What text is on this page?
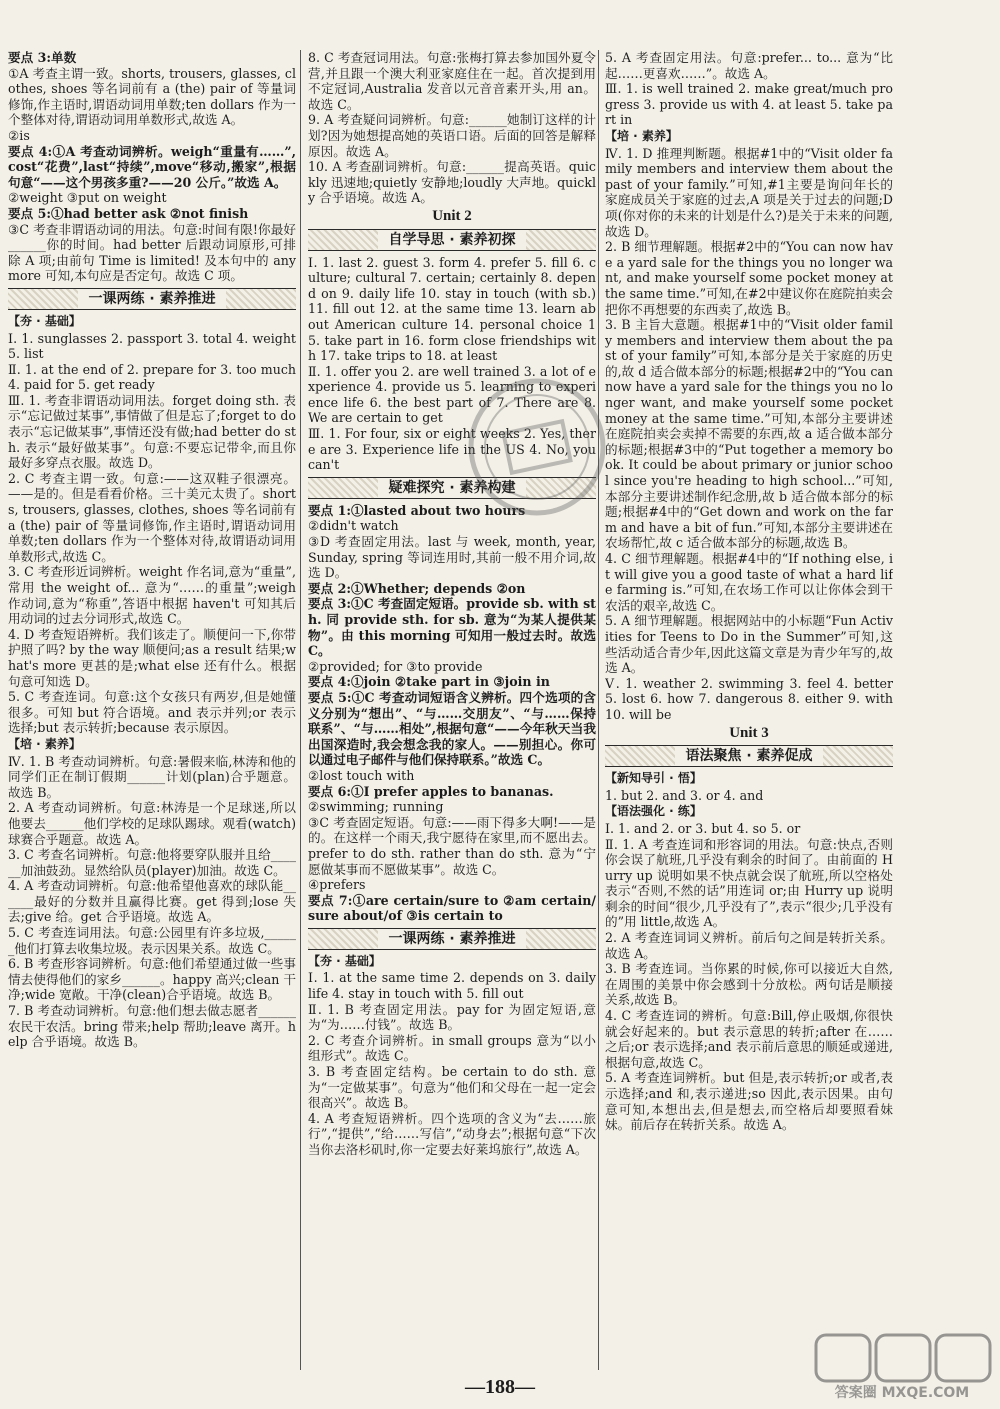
要点 3:单数

①A 考查主谓一致。shorts, trousers, glasses, clothes, shoes 等名词前有 a (the) pair of 等量词修饰,作主语时,谓语动词用单数;ten dollars 作为一个整体对待,谓语动词用单数形式,故选 A。

②is

要点 4:①A 考查动词辨析。weigh“重量有……”,cost“花费”,last“持续”,move“移动,搬家”,根据句意“——这个男孩多重?——20 公斤。”故选 A。

②weight ③put on weight

要点 5:①had better ask ②not finish

③C 考查非谓语动词的用法。句意:时间有限!你最好______你的时间。had better 后跟动词原形,可排除 A 项;由前句 Time is limited! 及本句中的 any more 可知,本句应是否定句。故选 C 项。

一课两练 · 素养推进
【夯 · 基础】

Ⅰ. 1. sunglasses 2. passport 3. total 4. weight 5. list

Ⅱ. 1. at the end of 2. prepare for 3. too much 4. paid for 5. get ready

Ⅲ. 1. 考查非谓语动词用法。forget doing sth. 表示“忘记做过某事”,事情做了但是忘了;forget to do 表示“忘记做某事”,事情还没有做;had better do sth. 表示“最好做某事”。句意:不要忘记带伞,而且你最好多穿点衣服。故选 D。

2. C 考查主谓一致。句意:——这双鞋子很漂亮。——是的。但是看看价格。三十美元太贵了。shorts, trousers, glasses, clothes, shoes 等名词前有 a (the) pair of 等量词修饰,作主语时,谓语动词用单数;ten dollars 作为一个整体对待,故谓语动词用单数形式,故选 C。

3. C 考查形近词辨析。weight 作名词,意为“重量”,常用 the weight of... 意为“……的重量”;weigh 作动词,意为“称重”,答语中根据 haven't 可知其后用动词的过去分词形式,故选 C。

4. D 考查短语辨析。我们该走了。顺便问一下,你带护照了吗? by the way 顺便问;as a result 结果;what's more 更甚的是;what else 还有什么。根据句意可知选 D。

5. C 考查连词。句意:这个女孩只有两岁,但是她懂很多。可知 but 符合语境。and 表示并列;or 表示选择;but 表示转折;because 表示原因。

【培 · 素养】

Ⅳ. 1. B 考查动词辨析。句意:暑假来临,林涛和他的同学们正在制订假期______计划(plan)合乎题意。故选 B。

2. A 考查动词辨析。句意:林涛是一个足球迷,所以他要去______他们学校的足球队踢球。观看(watch)球赛合乎题意。故选 A。

3. C 考查名词辨析。句意:他将要穿队服并且给______加油鼓劲。显然给队员(player)加油。故选 C。

4. A 考查动词辨析。句意:他希望他喜欢的球队能______最好的分数并且赢得比赛。get 得到;lose 失去;give 给。get 合乎语境。故选 A。

5. C 考查连词用法。句意:公园里有许多垃圾,______他们打算去收集垃圾。表示因果关系。故选 C。

6. B 考查形容词辨析。句意:他们希望通过做一些事情去使得他们的家乡______。happy 高兴;clean 干净;wide 宽敞。干净(clean)合乎语境。故选 B。

7. B 考查动词辨析。句意:他们想去做志愿者______农民干农活。bring 带来;help 帮助;leave 离开。help 合乎语境。故选 B。

8. C 考查冠词用法。句意:张梅打算去参加国外夏令营,并且跟一个澳大利亚家庭住在一起。首次提到用不定冠词,Australia 发音以元音音素开头,用 an。故选 C。

9. A 考查疑问词辨析。句意:______她制订这样的计划?因为她想提高她的英语口语。后面的回答是解释原因。故选 A。

10. A 考查副词辨析。句意:______提高英语。quickly 迅速地;quietly 安静地;loudly 大声地。quickly 合乎语境。故选 A。

Unit 2
自学导思 · 素养初探

Ⅰ. 1. last 2. guest 3. form 4. prefer 5. fill 6. culture; cultural 7. certain; certainly 8. depend on 9. daily life 10. stay in touch (with sb.) 11. fill out 12. at the same time 13. learn about American culture 14. personal choice 15. take part in 16. form close friendships with 17. take trips to 18. at least

Ⅱ. 1. offer you 2. are well trained 3. a lot of experience 4. provide us 5. learning to experience life 6. the best part of 7. There are 8. We are certain to get

Ⅲ. 1. For four, six or eight weeks 2. Yes, there are 3. Experience life in the US 4. No, you can't

疑难探究 · 素养构建

要点 1:①lasted about two hours

②didn't watch

③D 考查固定用法。last 与 week, month, year, Sunday, spring 等词连用时,其前一般不用介词,故选 D。

要点 2:①Whether; depends ②on

要点 3:①C 考查固定短语。provide sb. with sth. 同 provide sth. for sb. 意为“为某人提供某物”。由 this morning 可知用一般过去时。故选 C。

②provided; for ③to provide

要点 4:①join ②take part in ③join in

要点 5:①C 考查动词短语含义辨析。四个选项的含义分别为“想出”、“与……交朋友”、“与……保持联系”、“与……相处”,根据句意“——今年秋天当我出国深造时,我会想念我的家人。——别担心。你可以通过电子邮件与他们保持联系。”故选 C。

②lost touch with

要点 6:①I prefer apples to bananas.

②swimming; running

③C 考查固定短语。句意:——雨下得多大啊!——是的。在这样一个雨天,我宁愿待在家里,而不愿出去。prefer to do sth. rather than do sth. 意为“宁愿做某事而不愿做某事”。故选 C。

④prefers

要点 7:①are certain/sure to ②am certain/sure about/of ③is certain to

一课两练 · 素养推进
【夯 · 基础】

Ⅰ. 1. at the same time 2. depends on 3. daily life 4. stay in touch with 5. fill out

Ⅱ. 1. B 考查固定用法。pay for 为固定短语,意为“为……付钱”。故选 B。

2. C 考查介词辨析。in small groups 意为“以小组形式”。故选 C。

3. B 考查固定结构。be certain to do sth. 意为“一定做某事”。句意为“他们和父母在一起一定会很高兴”。故选 B。

4. A 考查短语辨析。四个选项的含义为“去……旅行”,“提供”,“给……写信”,“动身去”;根据句意“下次当你去洛杉矶时,你一定要去好莱坞旅行”,故选 A。

5. A 考查固定用法。句意:prefer... to... 意为“比起……更喜欢……”。故选 A。

Ⅲ. 1. is well trained 2. make great/much progress 3. provide us with 4. at least 5. take part in

【培 · 素养】

Ⅳ. 1. D 推理判断题。根据#1中的“Visit older family members and interview them about the past of your family.”可知,#1主要是询问年长的家庭成员关于家庭的过去,A 项是关于过去的问题;D 项(你对你的未来的计划是什么?)是关于未来的问题,故选 D。

2. B 细节理解题。根据#2中的“You can now have a yard sale for the things you no longer want, and make yourself some pocket money at the same time.”可知,在#2中建议你在庭院拍卖会把你不再想要的东西卖了,故选 B。

3. B 主旨大意题。根据#1中的“Visit older family members and interview them about the past of your family”可知,本部分是关于家庭的历史的,故 d 适合做本部分的标题;根据#2中的“You can now have a yard sale for the things you no longer want, and make yourself some pocket money at the same time.”可知,本部分主要讲述在庭院拍卖会卖掉不需要的东西,故 a 适合做本部分的标题;根据#3中的“Put together a memory book. It could be about primary or junior school since you're heading to high school...”可知,本部分主要讲述制作纪念册,故 b 适合做本部分的标题;根据#4中的“Get down and work on the farm and have a bit of fun.”可知,本部分主要讲述在农场帮忙,故 c 适合做本部分的标题,故选 B。

4. C 细节理解题。根据#4中的“If nothing else, it will give you a good taste of what a hard life farming is.”可知,在农场工作可以让你体会到干农活的艰辛,故选 C。

5. A 细节理解题。根据网站中的小标题“Fun Activities for Teens to Do in the Summer”可知,这些活动适合青少年,因此这篇文章是为青少年写的,故选 A。

Ⅴ. 1. weather 2. swimming 3. feel 4. better 5. lost 6. how 7. dangerous 8. either 9. with 10. will be

Unit 3
语法聚焦 · 素养促成
【新知导引 · 悟】

1. but 2. and 3. or 4. and

【语法强化 · 练】

Ⅰ. 1. and 2. or 3. but 4. so 5. or

Ⅱ. 1. A 考查连词和形容词的用法。句意:快点,否则你会误了航班,几乎没有剩余的时间了。由前面的 Hurry up 说明如果不快点就会误了航班,所以空格处表示“否则,不然的话”用连词 or;由 Hurry up 说明剩余的时间“很少,几乎没有了”,表示“很少;几乎没有的”用 little,故选 A。

2. A 考查连词词义辨析。前后句之间是转折关系。故选 A。

3. B 考查连词。当你累的时候,你可以接近大自然,在周围的美景中你会感到十分放松。两句话是顺接关系,故选 B。

4. C 考查连词的辨析。句意:Bill,停止吸烟,你很快就会好起来的。but 表示意思的转折;after 在……之后;or 表示选择;and 表示前后意思的顺延或递进,根据句意,故选 C。

5. A 考查连词辨析。but 但是,表示转折;or 或者,表示选择;and 和,表示递进;so 因此,表示因果。由句意可知,本想出去,但是想去,而空格后却要照看妹妹。前后存在转折关系。故选 A。

—188—	答案圈 MXQE.COM
